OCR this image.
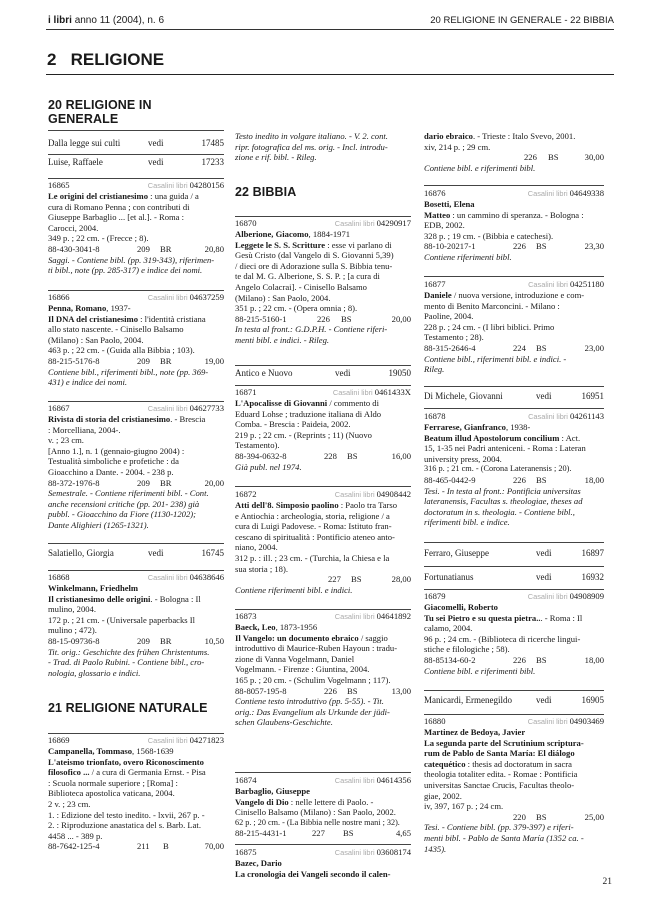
i libri anno 11 (2004), n. 6	20 RELIGIONE IN GENERALE - 22 BIBBIA
2   RELIGIONE
20 RELIGIONE IN GENERALE
Dalla legge sui culti	vedi	17485
Luise, Raffaele	vedi	17233
16865	Casalini libri 04280156
Le origini del cristianesimo : una guida / a
cura di Romano Penna ; con contributi di
Giuseppe Barbaglio ... [et al.]. - Roma :
Carocci, 2004.
349 p. ; 22 cm. - (Frecce ; 8).
88-430-3041-8	209 BR	20,80
Saggi. - Contiene bibl. (pp. 319-343), riferimen-
ti bibl., note (pp. 285-317) e indice dei nomi.
16866	Casalini libri 04637259
Penna, Romano, 1937-
Il DNA del cristianesimo : l'identità cristiana
allo stato nascente. - Cinisello Balsamo
(Milano) : San Paolo, 2004.
463 p. ; 22 cm. - (Guida alla Bibbia ; 103).
88-215-5176-8	209 BR	19,00
Contiene bibl., riferimenti bibl., note (pp. 369-
431) e indice dei nomi.
16867	Casalini libri 04627733
Rivista di storia del cristianesimo. - Brescia
: Morcelliana, 2004-.
v. ; 23 cm.
[Anno 1.], n. 1 (gennaio-giugno 2004) :
Testualità simboliche e profetiche : da
Gioacchino a Dante. - 2004. - 238 p.
88-372-1976-8	209 BR	20,00
Semestrale. - Contiene riferimenti bibl. - Cont.
anche recensioni critiche (pp. 201- 238) già
pubbl. - Gioacchino da Fiore (1130-1202);
Dante Alighieri (1265-1321).
Salatiello, Giorgia	vedi	16745
16868	Casalini libri 04638646
Winkelmann, Friedhelm
Il cristianesimo delle origini. - Bologna : Il
mulino, 2004.
172 p. ; 21 cm. - (Universale paperbacks Il
mulino ; 472).
88-15-09736-8	209 BR	10,50
Tit. orig.: Geschichte des frühen Christentums.
- Trad. di Paolo Rubini. - Contiene bibl., cro-
nologia, glossario e indici.
21 RELIGIONE NATURALE
16869	Casalini libri 04271823
Campanella, Tommaso, 1568-1639
L'ateismo trionfato, overo Riconoscimento
filosofico ... / a cura di Germania Ernst. - Pisa
: Scuola normale superiore ; [Roma] :
Biblioteca apostolica vaticana, 2004.
2 v. ; 23 cm.
1. : Edizione del testo inedito. - lxvii, 267 p. -
2. : Riproduzione anastatica del s. Barb. Lat.
4458 ... - 389 p.
88-7642-125-4	211 B	70,00
Testo inedito in volgare italiano. - V. 2. cont.
ripr. fotografica del ms. orig. - Incl. introdu-
zione e rif. bibl. - Rileg.
22 BIBBIA
16870	Casalini libri 04290917
Alberione, Giacomo, 1884-1971
Leggete le S. S. Scritture : esse vi parlano di
Gesù Cristo (dal Vangelo di S. Giovanni 5,39)
/ dieci ore di Adorazione sulla S. Bibbia tenu-
te dal M. G. Alberione, S. S. P. ; [a cura di
Angelo Colacrai]. - Cinisello Balsamo
(Milano) : San Paolo, 2004.
351 p. ; 22 cm. - (Opera omnia ; 8).
88-215-5160-1	226 BS	20,00
In testa al front.: G.D.P.H. - Contiene riferi-
menti bibl. e indici. - Rileg.
Antico e Nuovo	vedi	19050
16871	Casalini libri 0461433X
L'Apocalisse di Giovanni / commento di
Eduard Lohse ; traduzione italiana di Aldo
Comba. - Brescia : Paideia, 2002.
219 p. ; 22 cm. - (Reprints ; 11) (Nuovo
Testamento).
88-394-0632-8	228 BS	16,00
Già publ. nel 1974.
16872	Casalini libri 04908442
Atti dell'8. Simposio paolino : Paolo tra Tarso
e Antiochia : archeologia, storia, religione / a
cura di Luigi Padovese. - Roma: Istituto fran-
cescano di spiritualità : Pontificio ateneo anto-
niano, 2004.
312 p. : ill. ; 23 cm. - (Turchia, la Chiesa e la
sua storia ; 18).
227 BS	28,00
Contiene riferimenti bibl. e indici.
16873	Casalini libri 04641892
Baeck, Leo, 1873-1956
Il Vangelo: un documento ebraico / saggio
introduttivo di Maurice-Ruben Hayoun : tradu-
zione di Vanna Vogelmann, Daniel
Vogelmann. - Firenze : Giuntina, 2004.
165 p. ; 20 cm. - (Schulim Vogelmann ; 117).
88-8057-195-8	226 BS	13,00
Contiene testo introduttivo (pp. 5-55). - Tit.
orig.: Das Evangelium als Urkunde der jüdi-
schen Glaubens-Geschichte.
16874	Casalini libri 04614356
Barbaglio, Giuseppe
Vangelo di Dio : nelle lettere di Paolo. -
Cinisello Balsamo (Milano) : San Paolo, 2002.
62 p. ; 20 cm. - (La Bibbia nelle nostre mani ; 32).
88-215-4431-1	227 BS	4,65
16875	Casalini libri 03608174
Bazec, Dario
La cronologia dei Vangeli secondo il calen-
dario ebraico. - Trieste : Italo Svevo, 2001.
xiv, 214 p. ; 29 cm.
226 BS	30,00
Contiene bibl. e riferimenti bibl.
16876	Casalini libri 04649338
Bosetti, Elena
Matteo : un cammino di speranza. - Bologna :
EDB, 2002.
328 p. ; 19 cm. - (Bibbia e catechesi).
88-10-20217-1	226 BS	23,30
Contiene riferimenti bibl.
16877	Casalini libri 04251180
Daniele / nuova versione, introduzione e com-
mento di Benito Marconcini. - Milano :
Paoline, 2004.
228 p. ; 24 cm. - (I libri biblici. Primo
Testamento ; 28).
88-315-2646-4	224 BS	23,00
Contiene bibl., riferimenti bibl. e indici. -
Rileg.
Di Michele, Giovanni	vedi	16951
16878	Casalini libri 04261143
Ferrarese, Gianfranco, 1938-
Beatum illud Apostolorum concilium : Act.
15, 1-35 nei Padri anteniceni. - Roma : Lateran
university press, 2004.
316 p. ; 21 cm. - (Corona Lateranensis ; 20).
88-465-0442-9	226 BS	18,00
Tesi. - In testa al front.: Pontificia universitas
lateranensis, Facultas s. theologiae, theses ad
doctoratum in s. theologia. - Contiene bibl.,
riferimenti bibl. e indice.
Ferraro, Giuseppe	vedi	16897
Fortunatianus	vedi	16932
16879	Casalini libri 04908909
Giacomelli, Roberto
Tu sei Pietro e su questa pietra... - Roma : Il
calamo, 2004.
96 p. ; 24 cm. - (Biblioteca di ricerche lingui-
stiche e filologiche ; 58).
88-85134-60-2	226 BS	18,00
Contiene bibl. e riferimenti bibl.
Manicardi, Ermenegildo	vedi	16905
16880	Casalini libri 04903469
Martinez de Bedoya, Javier
La segunda parte del Scrutinium scriptura-
rum de Pablo de Santa María: El diálogo
catequético : thesis ad doctoratum in sacra
theologia totaliter edita. - Romae : Pontificia
universitas Sanctae Crucis, Facultas theolo-
giae, 2002.
iv, 397, 167 p. ; 24 cm.
220 BS	25,00
Tesi. - Contiene bibl. (pp. 379-397) e riferi-
menti bibl. - Pablo de Santa María (1352 ca. -
1435).
21
